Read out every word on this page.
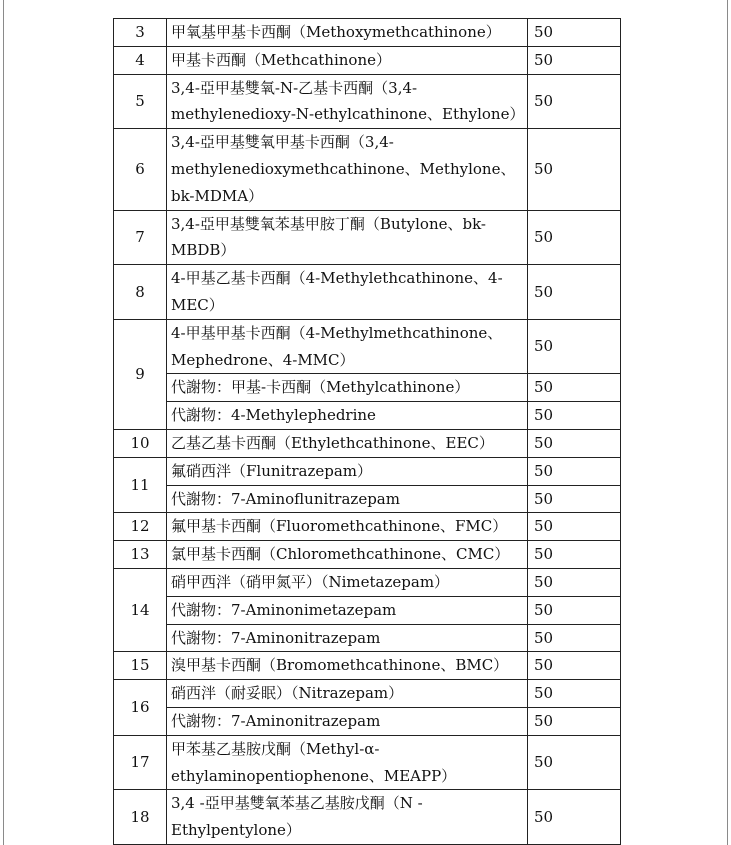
3	甲氧基甲基卡西酮（Methoxymethcathinone）	50
4	甲基卡西酮（Methcathinone）	50
5	3,4-亞甲基雙氧-N-乙基卡西酮（3,4-methylenedioxy-N-ethylcathinone、Ethylone）	50
6	3,4-亞甲基雙氧甲基卡西酮（3,4-methylenedioxymethcathinone、Methylone、bk-MDMA）	50
7	3,4-亞甲基雙氧苯基甲胺丁酮（Butylone、bk-MBDB）	50
8	4-甲基乙基卡西酮（4-Methylethcathinone、4-MEC）	50
9	4-甲基甲基卡西酮（4-Methylmethcathinone、Mephedrone、4-MMC）	50
	代謝物：甲基-卡西酮（Methylcathinone）	50
	代謝物：4-Methylephedrine	50
10	乙基乙基卡西酮（Ethylethcathinone、EEC）	50
11	氟硝西泮（Flunitrazepam）	50
	代謝物：7-Aminoflunitrazepam	50
12	氟甲基卡西酮（Fluoromethcathinone、FMC）	50
13	氯甲基卡西酮（Chloromethcathinone、CMC）	50
14	硝甲西泮（硝甲氮平）（Nimetazepam）	50
	代謝物：7-Aminonimetazepam	50
	代謝物：7-Aminonitrazepam	50
15	溴甲基卡西酮（Bromomethcathinone、BMC）	50
16	硝西泮（耐妥眠）（Nitrazepam）	50
	代謝物：7-Aminonitrazepam	50
17	甲苯基乙基胺戊酮（Methyl-α-ethylaminopentiophenone、MEAPP）	50
18	3,4 -亞甲基雙氧苯基乙基胺戊酮（N -Ethylpentylone）	50
